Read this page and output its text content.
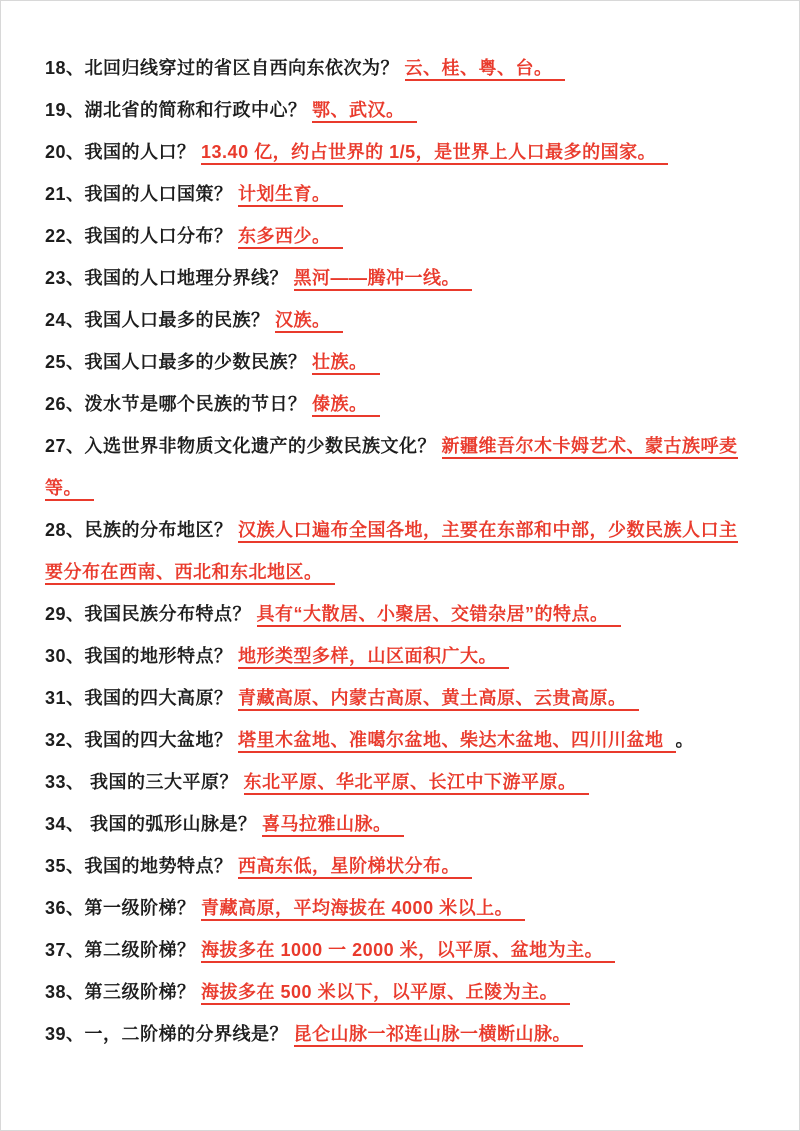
18、北回归线穿过的省区自西向东依次为？ 云、桂、粤、台。

19、湖北省的简称和行政中心？ 鄂、武汉。

20、我国的人口？ 13.40 亿，约占世界的 1/5，是世界上人口最多的国家。

21、我国的人口国策？ 计划生育。

22、我国的人口分布？ 东多西少。

23、我国的人口地理分界线？ 黑河——腾冲一线。

24、我国人口最多的民族？ 汉族。

25、我国人口最多的少数民族？ 壮族。

26、泼水节是哪个民族的节日？ 傣族。

27、入选世界非物质文化遗产的少数民族文化？ 新疆维吾尔木卡姆艺术、蒙古族呼麦等。

28、民族的分布地区？ 汉族人口遍布全国各地，主要在东部和中部，少数民族人口主要分布在西南、西北和东北地区。

29、我国民族分布特点？ 具有“大散居、小聚居、交错杂居”的特点。

30、我国的地形特点？ 地形类型多样，山区面积广大。

31、我国的四大高原？ 青藏高原、内蒙古高原、黄土高原、云贵高原。

32、我国的四大盆地？ 塔里木盆地、准噶尔盆地、柴达木盆地、四川川盆地 。

33、 我国的三大平原？ 东北平原、华北平原、长江中下游平原。

34、 我国的弧形山脉是？ 喜马拉雅山脉。

35、我国的地势特点？ 西高东低，星阶梯状分布。

36、第一级阶梯？ 青藏高原，平均海拔在 4000 米以上。

37、第二级阶梯？ 海拔多在 1000 一 2000 米，以平原、盆地为主。

38、第三级阶梯？ 海拔多在 500 米以下，以平原、丘陵为主。

39、一，二阶梯的分界线是？ 昆仑山脉一祁连山脉一横断山脉。
